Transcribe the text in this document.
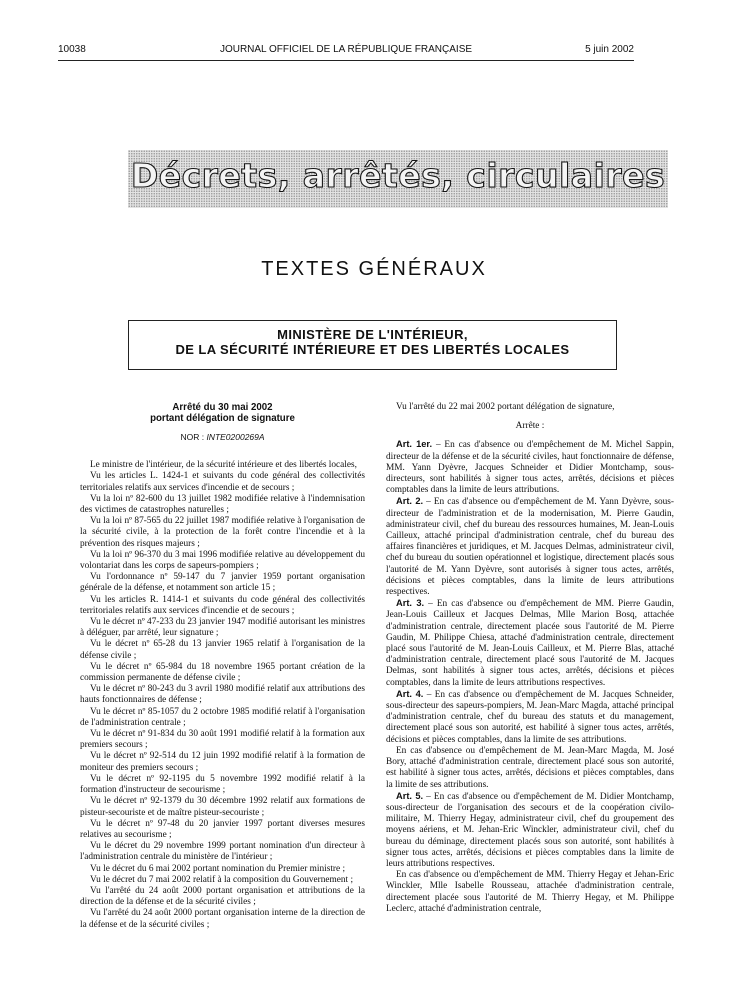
10038	JOURNAL OFFICIEL DE LA RÉPUBLIQUE FRANÇAISE	5 juin 2002
Décrets, arrêtés, circulaires
TEXTES GÉNÉRAUX
MINISTÈRE DE L'INTÉRIEUR,
DE LA SÉCURITÉ INTÉRIEURE ET DES LIBERTÉS LOCALES
Arrêté du 30 mai 2002
portant délégation de signature
NOR : INTE0200269A

Le ministre de l'intérieur, de la sécurité intérieure et des libertés locales,

Vu les articles L. 1424-1 et suivants du code général des collectivités territoriales relatifs aux services d'incendie et de secours ;

Vu la loi nº 82-600 du 13 juillet 1982 modifiée relative à l'indemnisation des victimes de catastrophes naturelles ;

Vu la loi nº 87-565 du 22 juillet 1987 modifiée relative à l'organisation de la sécurité civile, à la protection de la forêt contre l'incendie et à la prévention des risques majeurs ;

Vu la loi nº 96-370 du 3 mai 1996 modifiée relative au développement du volontariat dans les corps de sapeurs-pompiers ;

Vu l'ordonnance nº 59-147 du 7 janvier 1959 portant organisation générale de la défense, et notamment son article 15 ;

Vu les articles R. 1414-1 et suivants du code général des collectivités territoriales relatifs aux services d'incendie et de secours ;

Vu le décret nº 47-233 du 23 janvier 1947 modifié autorisant les ministres à déléguer, par arrêté, leur signature ;

Vu le décret nº 65-28 du 13 janvier 1965 relatif à l'organisation de la défense civile ;

Vu le décret nº 65-984 du 18 novembre 1965 portant création de la commission permanente de défense civile ;

Vu le décret nº 80-243 du 3 avril 1980 modifié relatif aux attributions des hauts fonctionnaires de défense ;

Vu le décret nº 85-1057 du 2 octobre 1985 modifié relatif à l'organisation de l'administration centrale ;

Vu le décret nº 91-834 du 30 août 1991 modifié relatif à la formation aux premiers secours ;

Vu le décret nº 92-514 du 12 juin 1992 modifié relatif à la formation de moniteur des premiers secours ;

Vu le décret nº 92-1195 du 5 novembre 1992 modifié relatif à la formation d'instructeur de secourisme ;

Vu le décret nº 92-1379 du 30 décembre 1992 relatif aux formations de pisteur-secouriste et de maître pisteur-secouriste ;

Vu le décret nº 97-48 du 20 janvier 1997 portant diverses mesures relatives au secourisme ;

Vu le décret du 29 novembre 1999 portant nomination d'un directeur à l'administration centrale du ministère de l'intérieur ;

Vu le décret du 6 mai 2002 portant nomination du Premier ministre ;

Vu le décret du 7 mai 2002 relatif à la composition du Gouvernement ;

Vu l'arrêté du 24 août 2000 portant organisation et attributions de la direction de la défense et de la sécurité civiles ;

Vu l'arrêté du 24 août 2000 portant organisation interne de la direction de la défense et de la sécurité civiles ;

Vu l'arrêté du 22 mai 2002 portant délégation de signature,

Arrête :

Art. 1er. – En cas d'absence ou d'empêchement de M. Michel Sappin, directeur de la défense et de la sécurité civiles, haut fonctionnaire de défense, MM. Yann Dyèvre, Jacques Schneider et Didier Montchamp, sous-directeurs, sont habilités à signer tous actes, arrêtés, décisions et pièces comptables dans la limite de leurs attributions.

Art. 2. – En cas d'absence ou d'empêchement de M. Yann Dyèvre, sous-directeur de l'administration et de la modernisation, M. Pierre Gaudin, administrateur civil, chef du bureau des ressources humaines, M. Jean-Louis Cailleux, attaché principal d'administration centrale, chef du bureau des affaires financières et juridiques, et M. Jacques Delmas, administrateur civil, chef du bureau du soutien opérationnel et logistique, directement placés sous l'autorité de M. Yann Dyèvre, sont autorisés à signer tous actes, arrêtés, décisions et pièces comptables, dans la limite de leurs attributions respectives.

Art. 3. – En cas d'absence ou d'empêchement de MM. Pierre Gaudin, Jean-Louis Cailleux et Jacques Delmas, Mlle Marion Bosq, attachée d'administration centrale, directement placée sous l'autorité de M. Pierre Gaudin, M. Philippe Chiesa, attaché d'administration centrale, directement placé sous l'autorité de M. Jean-Louis Cailleux, et M. Pierre Blas, attaché d'administration centrale, directement placé sous l'autorité de M. Jacques Delmas, sont habilités à signer tous actes, arrêtés, décisions et pièces comptables, dans la limite de leurs attributions respectives.

Art. 4. – En cas d'absence ou d'empêchement de M. Jacques Schneider, sous-directeur des sapeurs-pompiers, M. Jean-Marc Magda, attaché principal d'administration centrale, chef du bureau des statuts et du management, directement placé sous son autorité, est habilité à signer tous actes, arrêtés, décisions et pièces comptables, dans la limite de ses attributions.

En cas d'absence ou d'empêchement de M. Jean-Marc Magda, M. José Bory, attaché d'administration centrale, directement placé sous son autorité, est habilité à signer tous actes, arrêtés, décisions et pièces comptables, dans la limite de ses attributions.

Art. 5. – En cas d'absence ou d'empêchement de M. Didier Montchamp, sous-directeur de l'organisation des secours et de la coopération civilo-militaire, M. Thierry Hegay, administrateur civil, chef du groupement des moyens aériens, et M. Jehan-Eric Winckler, administrateur civil, chef du bureau du déminage, directement placés sous son autorité, sont habilités à signer tous actes, arrêtés, décisions et pièces comptables dans la limite de leurs attributions respectives.

En cas d'absence ou d'empêchement de MM. Thierry Hegay et Jehan-Eric Winckler, Mlle Isabelle Rousseau, attachée d'administration centrale, directement placée sous l'autorité de M. Thierry Hegay, et M. Philippe Leclerc, attaché d'administration centrale,
